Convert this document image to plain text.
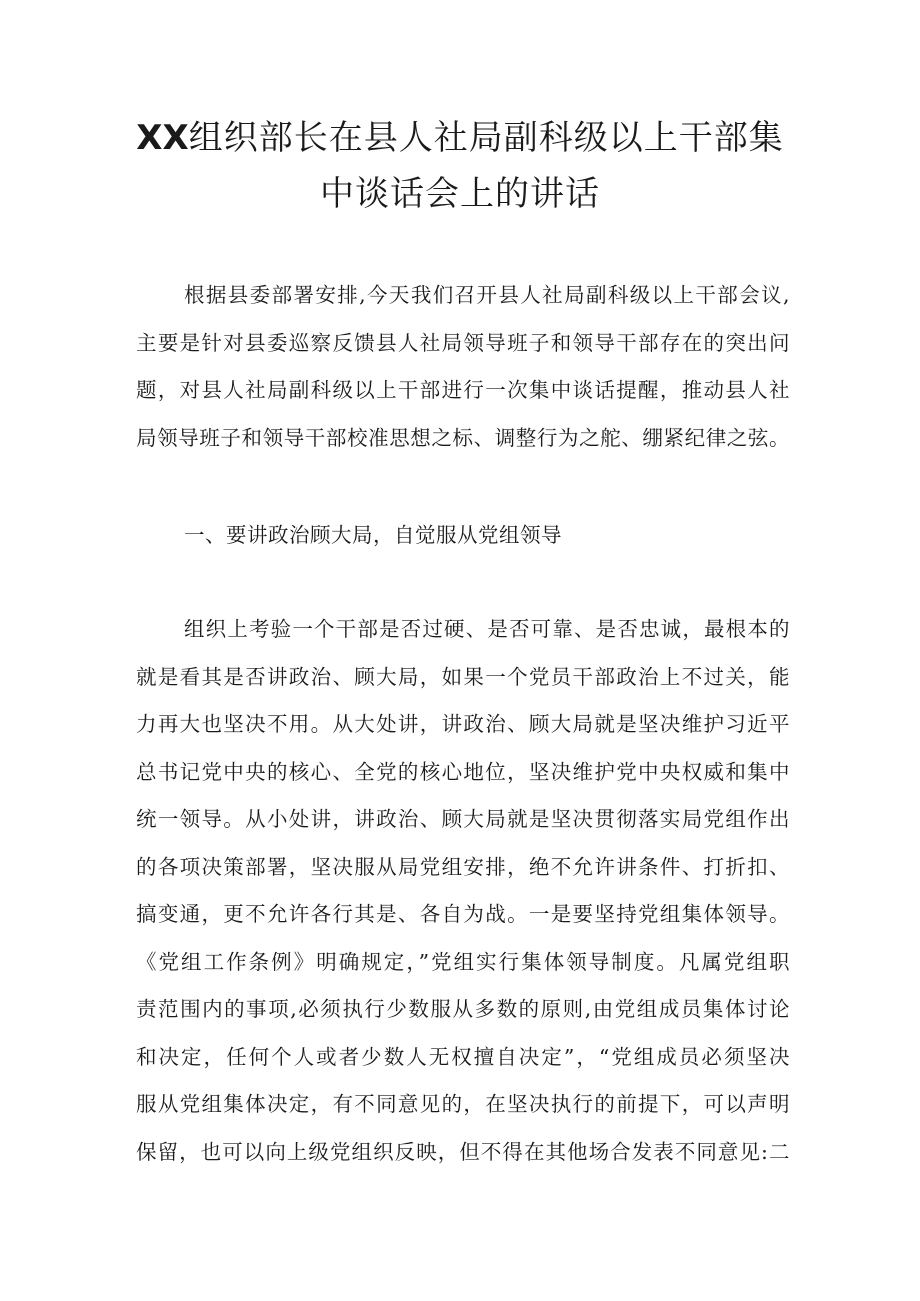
XX组织部长在县人社局副科级以上干部集
中谈话会上的讲话
根据县委部署安排,今天我们召开县人社局副科级以上干部会议,
主要是针对县委巡察反馈县人社局领导班子和领导干部存在的突出问
题，对县人社局副科级以上干部进行一次集中谈话提醒，推动县人社
局领导班子和领导干部校准思想之标、调整行为之舵、绷紧纪律之弦。
一、要讲政治顾大局，自觉服从党组领导
组织上考验一个干部是否过硬、是否可靠、是否忠诚，最根本的
就是看其是否讲政治、顾大局，如果一个党员干部政治上不过关，能
力再大也坚决不用。从大处讲，讲政治、顾大局就是坚决维护习近平
总书记党中央的核心、全党的核心地位，坚决维护党中央权威和集中
统一领导。从小处讲，讲政治、顾大局就是坚决贯彻落实局党组作出
的各项决策部署，坚决服从局党组安排，绝不允许讲条件、打折扣、
搞变通，更不允许各行其是、各自为战。一是要坚持党组集体领导。
《党组工作条例》明确规定，”党组实行集体领导制度。凡属党组职
责范围内的事项,必须执行少数服从多数的原则,由党组成员集体讨论
和决定，任何个人或者少数人无权擅自决定”，“党组成员必须坚决
服从党组集体决定，有不同意见的，在坚决执行的前提下，可以声明
保留，也可以向上级党组织反映，但不得在其他场合发表不同意见:二
